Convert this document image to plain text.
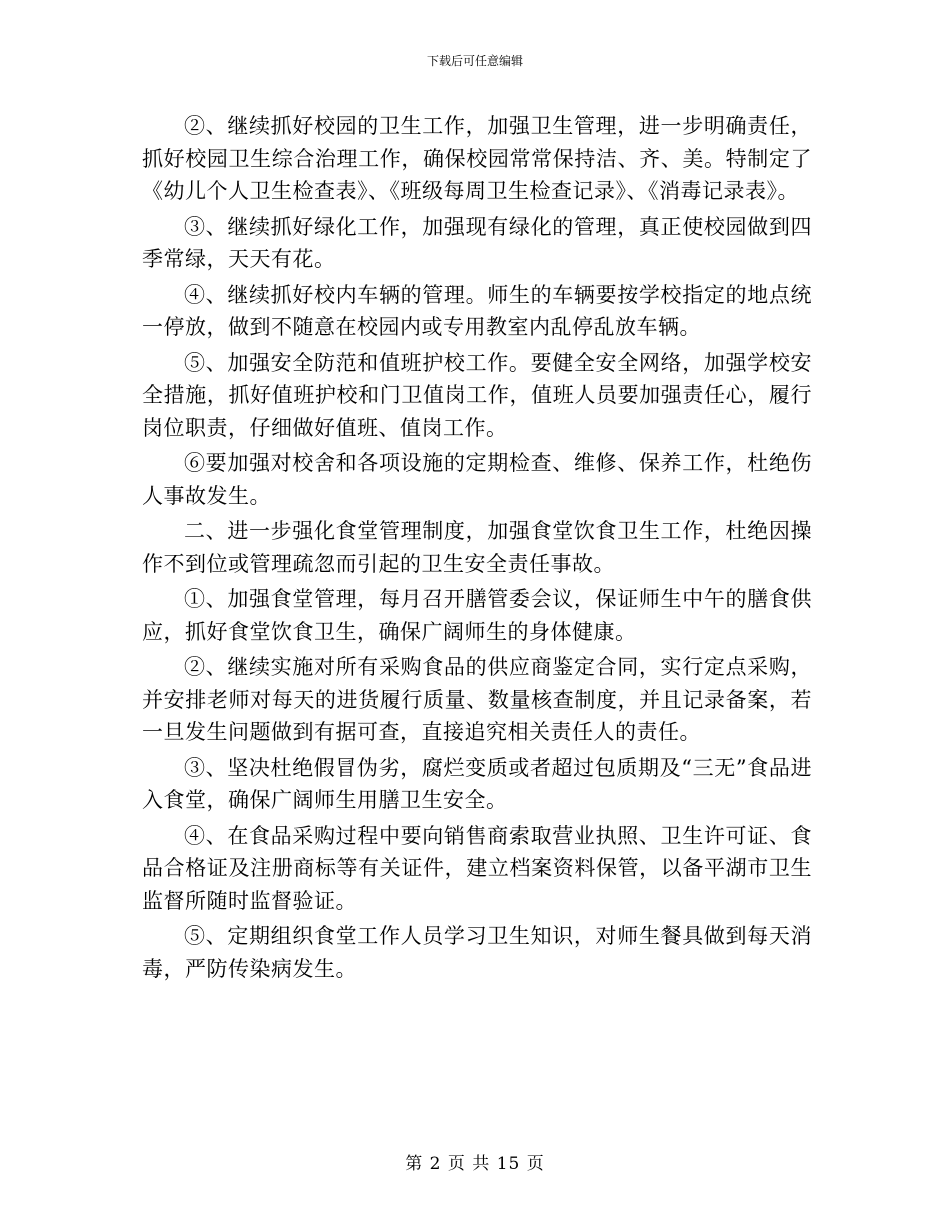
下载后可任意编辑

②、继续抓好校园的卫生工作，加强卫生管理，进一步明确责任，抓好校园卫生综合治理工作，确保校园常常保持洁、齐、美。特制定了《幼儿个人卫生检查表》、《班级每周卫生检查记录》、《消毒记录表》。

③、继续抓好绿化工作，加强现有绿化的管理，真正使校园做到四季常绿，天天有花。

④、继续抓好校内车辆的管理。师生的车辆要按学校指定的地点统一停放，做到不随意在校园内或专用教室内乱停乱放车辆。

⑤、加强安全防范和值班护校工作。要健全安全网络，加强学校安全措施，抓好值班护校和门卫值岗工作，值班人员要加强责任心，履行岗位职责，仔细做好值班、值岗工作。

⑥要加强对校舍和各项设施的定期检查、维修、保养工作，杜绝伤人事故发生。

二、进一步强化食堂管理制度，加强食堂饮食卫生工作，杜绝因操作不到位或管理疏忽而引起的卫生安全责任事故。

①、加强食堂管理，每月召开膳管委会议，保证师生中午的膳食供应，抓好食堂饮食卫生，确保广阔师生的身体健康。

②、继续实施对所有采购食品的供应商鉴定合同，实行定点采购，并安排老师对每天的进货履行质量、数量核查制度，并且记录备案，若一旦发生问题做到有据可查，直接追究相关责任人的责任。

③、坚决杜绝假冒伪劣，腐烂变质或者超过包质期及“三无”食品进入食堂，确保广阔师生用膳卫生安全。

④、在食品采购过程中要向销售商索取营业执照、卫生许可证、食品合格证及注册商标等有关证件，建立档案资料保管，以备平湖市卫生监督所随时监督验证。

⑤、定期组织食堂工作人员学习卫生知识，对师生餐具做到每天消毒，严防传染病发生。

第 2 页 共 15 页
